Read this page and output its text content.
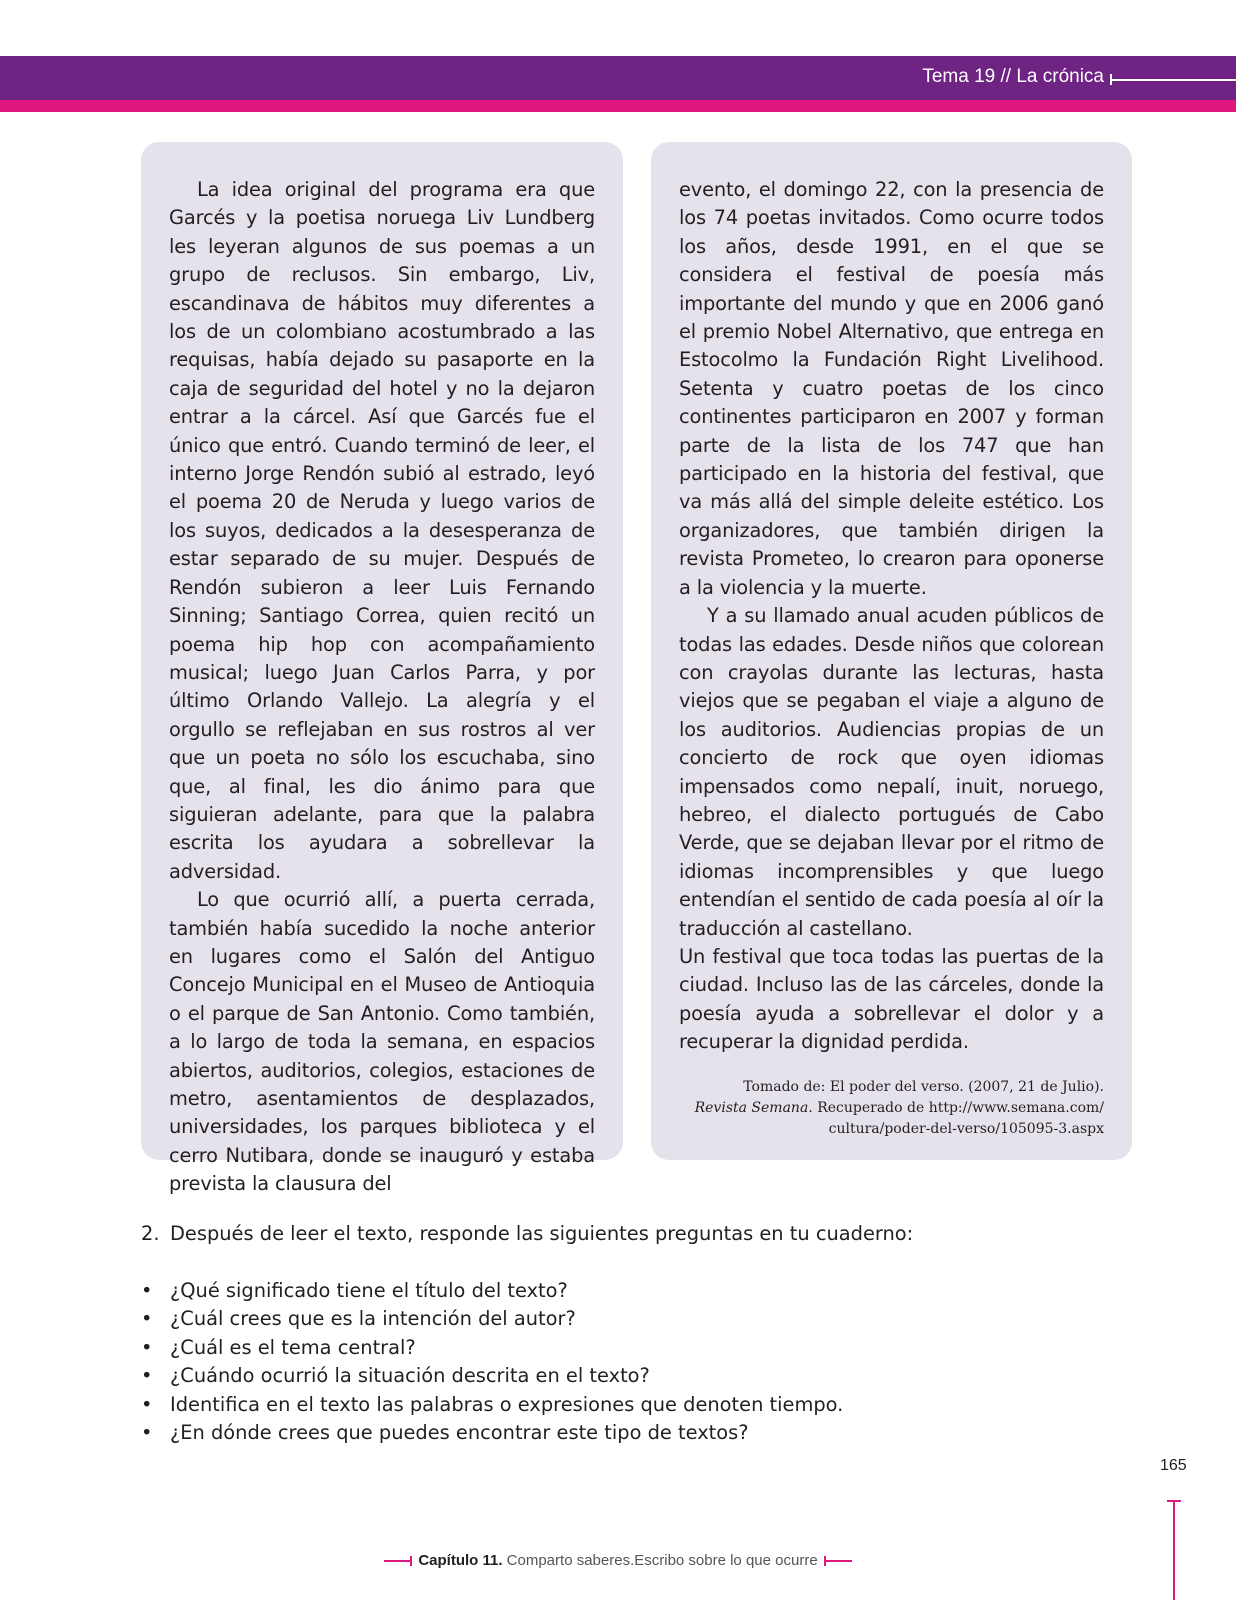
Tema 19 // La crónica

La idea original del programa era que Garcés y la poetisa noruega Liv Lundberg les leyeran algunos de sus poemas a un grupo de reclusos. Sin embargo, Liv, escandinava de hábitos muy diferentes a los de un colombiano acostumbrado a las requisas, había dejado su pasaporte en la caja de seguridad del hotel y no la dejaron entrar a la cárcel. Así que Garcés fue el único que entró. Cuando terminó de leer, el interno Jorge Rendón subió al estrado, leyó el poema 20 de Neruda y luego varios de los suyos, dedicados a la desesperanza de estar separado de su mujer. Después de Rendón subieron a leer Luis Fernando Sinning; Santiago Correa, quien recitó un poema hip hop con acompañamiento musical; luego Juan Carlos Parra, y por último Orlando Vallejo. La alegría y el orgullo se reflejaban en sus rostros al ver que un poeta no sólo los escuchaba, sino que, al final, les dio ánimo para que siguieran adelante, para que la palabra escrita los ayudara a sobrellevar la adversidad.

Lo que ocurrió allí, a puerta cerrada, también había sucedido la noche anterior en lugares como el Salón del Antiguo Concejo Municipal en el Museo de Antioquia o el parque de San Antonio. Como también, a lo largo de toda la semana, en espacios abiertos, auditorios, colegios, estaciones de metro, asentamientos de desplazados, universidades, los parques biblioteca y el cerro Nutibara, donde se inauguró y estaba prevista la clausura del

evento, el domingo 22, con la presencia de los 74 poetas invitados. Como ocurre todos los años, desde 1991, en el que se considera el festival de poesía más importante del mundo y que en 2006 ganó el premio Nobel Alternativo, que entrega en Estocolmo la Fundación Right Livelihood. Setenta y cuatro poetas de los cinco continentes participaron en 2007 y forman parte de la lista de los 747 que han participado en la historia del festival, que va más allá del simple deleite estético. Los organizadores, que también dirigen la revista Prometeo, lo crearon para oponerse a la violencia y la muerte.

Y a su llamado anual acuden públicos de todas las edades. Desde niños que colorean con crayolas durante las lecturas, hasta viejos que se pegaban el viaje a alguno de los auditorios. Audiencias propias de un concierto de rock que oyen idiomas impensados como nepalí, inuit, noruego, hebreo, el dialecto portugués de Cabo Verde, que se dejaban llevar por el ritmo de idiomas incomprensibles y que luego entendían el sentido de cada poesía al oír la traducción al castellano.

Un festival que toca todas las puertas de la ciudad. Incluso las de las cárceles, donde la poesía ayuda a sobrellevar el dolor y a recuperar la dignidad perdida.

Tomado de: El poder del verso. (2007, 21 de Julio).
Revista Semana. Recuperado de http://www.semana.com/
cultura/poder-del-verso/105095-3.aspx

2. Después de leer el texto, responde las siguientes preguntas en tu cuaderno:

• ¿Qué significado tiene el título del texto?
• ¿Cuál crees que es la intención del autor?
• ¿Cuál es el tema central?
• ¿Cuándo ocurrió la situación descrita en el texto?
• Identifica en el texto las palabras o expresiones que denoten tiempo.
• ¿En dónde crees que puedes encontrar este tipo de textos?
165
Capítulo 11. Comparto saberes.Escribo sobre lo que ocurre
